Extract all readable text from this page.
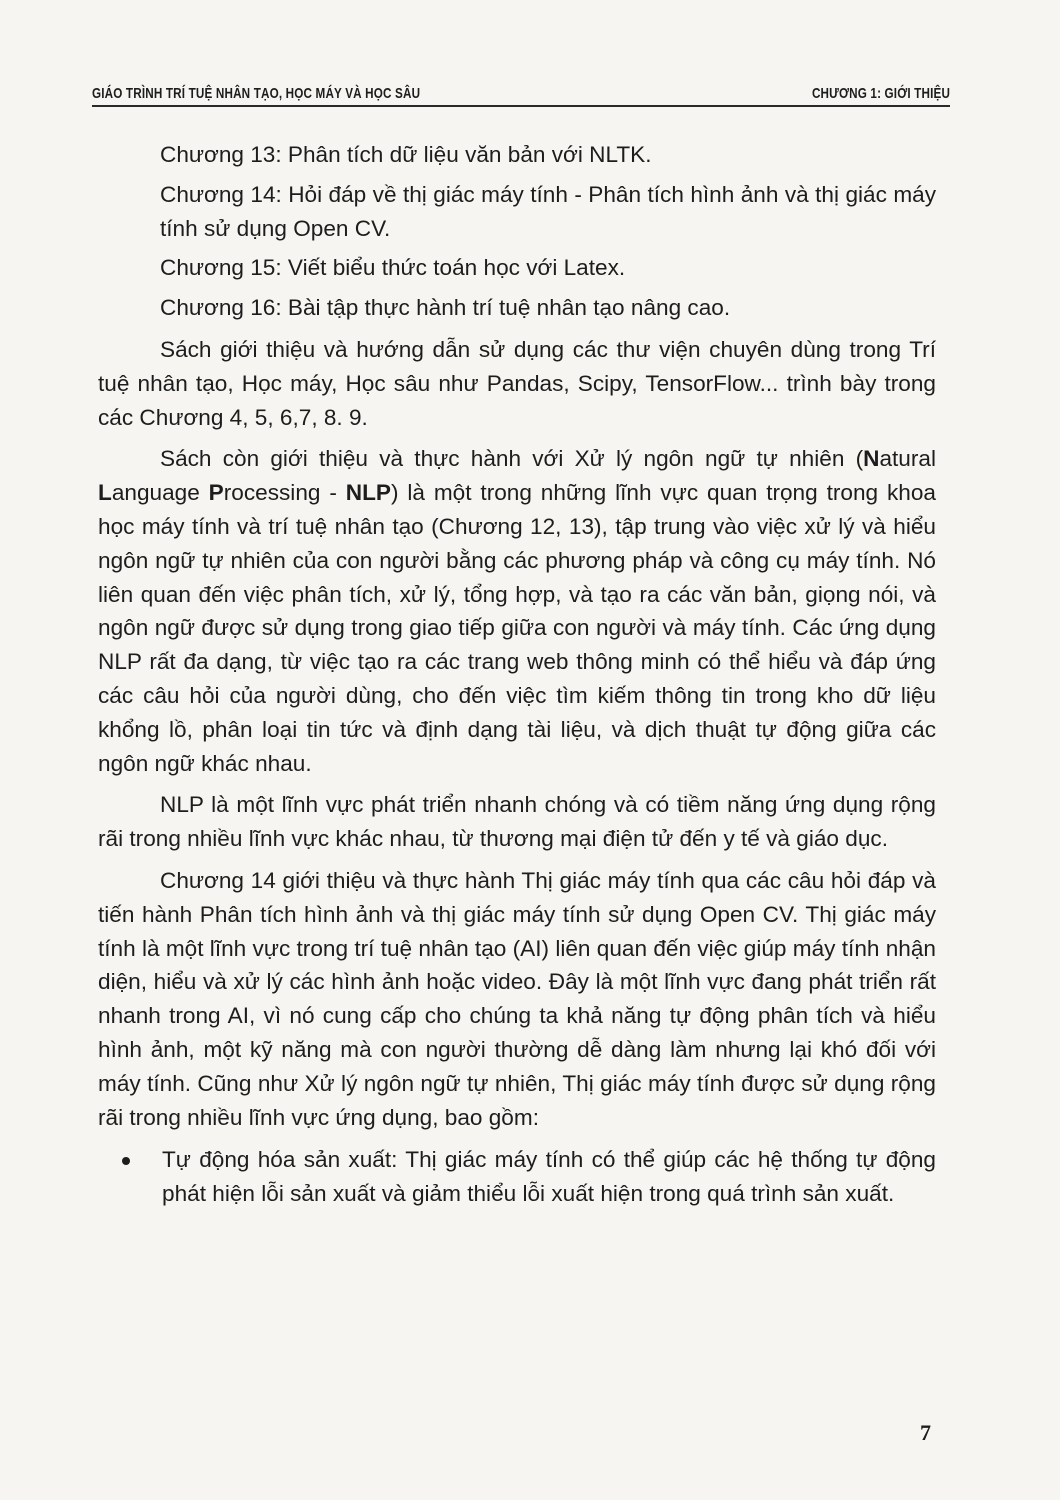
GIÁO TRÌNH TRÍ TUỆ NHÂN TẠO, HỌC MÁY VÀ HỌC SÂU	CHƯƠNG 1: GIỚI THIỆU

Chương 13: Phân tích dữ liệu văn bản với NLTK.

Chương 14: Hỏi đáp về thị giác máy tính - Phân tích hình ảnh và thị giác máy tính sử dụng Open CV.

Chương 15: Viết biểu thức toán học với Latex.

Chương 16: Bài tập thực hành trí tuệ nhân tạo nâng cao.

Sách giới thiệu và hướng dẫn sử dụng các thư viện chuyên dùng trong Trí tuệ nhân tạo, Học máy, Học sâu như Pandas, Scipy, TensorFlow... trình bày trong các Chương 4, 5, 6,7, 8. 9.

Sách còn giới thiệu và thực hành với Xử lý ngôn ngữ tự nhiên (Natural Language Processing - NLP) là một trong những lĩnh vực quan trọng trong khoa học máy tính và trí tuệ nhân tạo (Chương 12, 13), tập trung vào việc xử lý và hiểu ngôn ngữ tự nhiên của con người bằng các phương pháp và công cụ máy tính. Nó liên quan đến việc phân tích, xử lý, tổng hợp, và tạo ra các văn bản, giọng nói, và ngôn ngữ được sử dụng trong giao tiếp giữa con người và máy tính. Các ứng dụng NLP rất đa dạng, từ việc tạo ra các trang web thông minh có thể hiểu và đáp ứng các câu hỏi của người dùng, cho đến việc tìm kiếm thông tin trong kho dữ liệu khổng lồ, phân loại tin tức và định dạng tài liệu, và dịch thuật tự động giữa các ngôn ngữ khác nhau.

NLP là một lĩnh vực phát triển nhanh chóng và có tiềm năng ứng dụng rộng rãi trong nhiều lĩnh vực khác nhau, từ thương mại điện tử đến y tế và giáo dục.

Chương 14 giới thiệu và thực hành Thị giác máy tính qua các câu hỏi đáp và tiến hành Phân tích hình ảnh và thị giác máy tính sử dụng Open CV. Thị giác máy tính là một lĩnh vực trong trí tuệ nhân tạo (AI) liên quan đến việc giúp máy tính nhận diện, hiểu và xử lý các hình ảnh hoặc video. Đây là một lĩnh vực đang phát triển rất nhanh trong AI, vì nó cung cấp cho chúng ta khả năng tự động phân tích và hiểu hình ảnh, một kỹ năng mà con người thường dễ dàng làm nhưng lại khó đối với máy tính. Cũng như Xử lý ngôn ngữ tự nhiên, Thị giác máy tính được sử dụng rộng rãi trong nhiều lĩnh vực ứng dụng, bao gồm:

Tự động hóa sản xuất: Thị giác máy tính có thể giúp các hệ thống tự động phát hiện lỗi sản xuất và giảm thiểu lỗi xuất hiện trong quá trình sản xuất.
7
